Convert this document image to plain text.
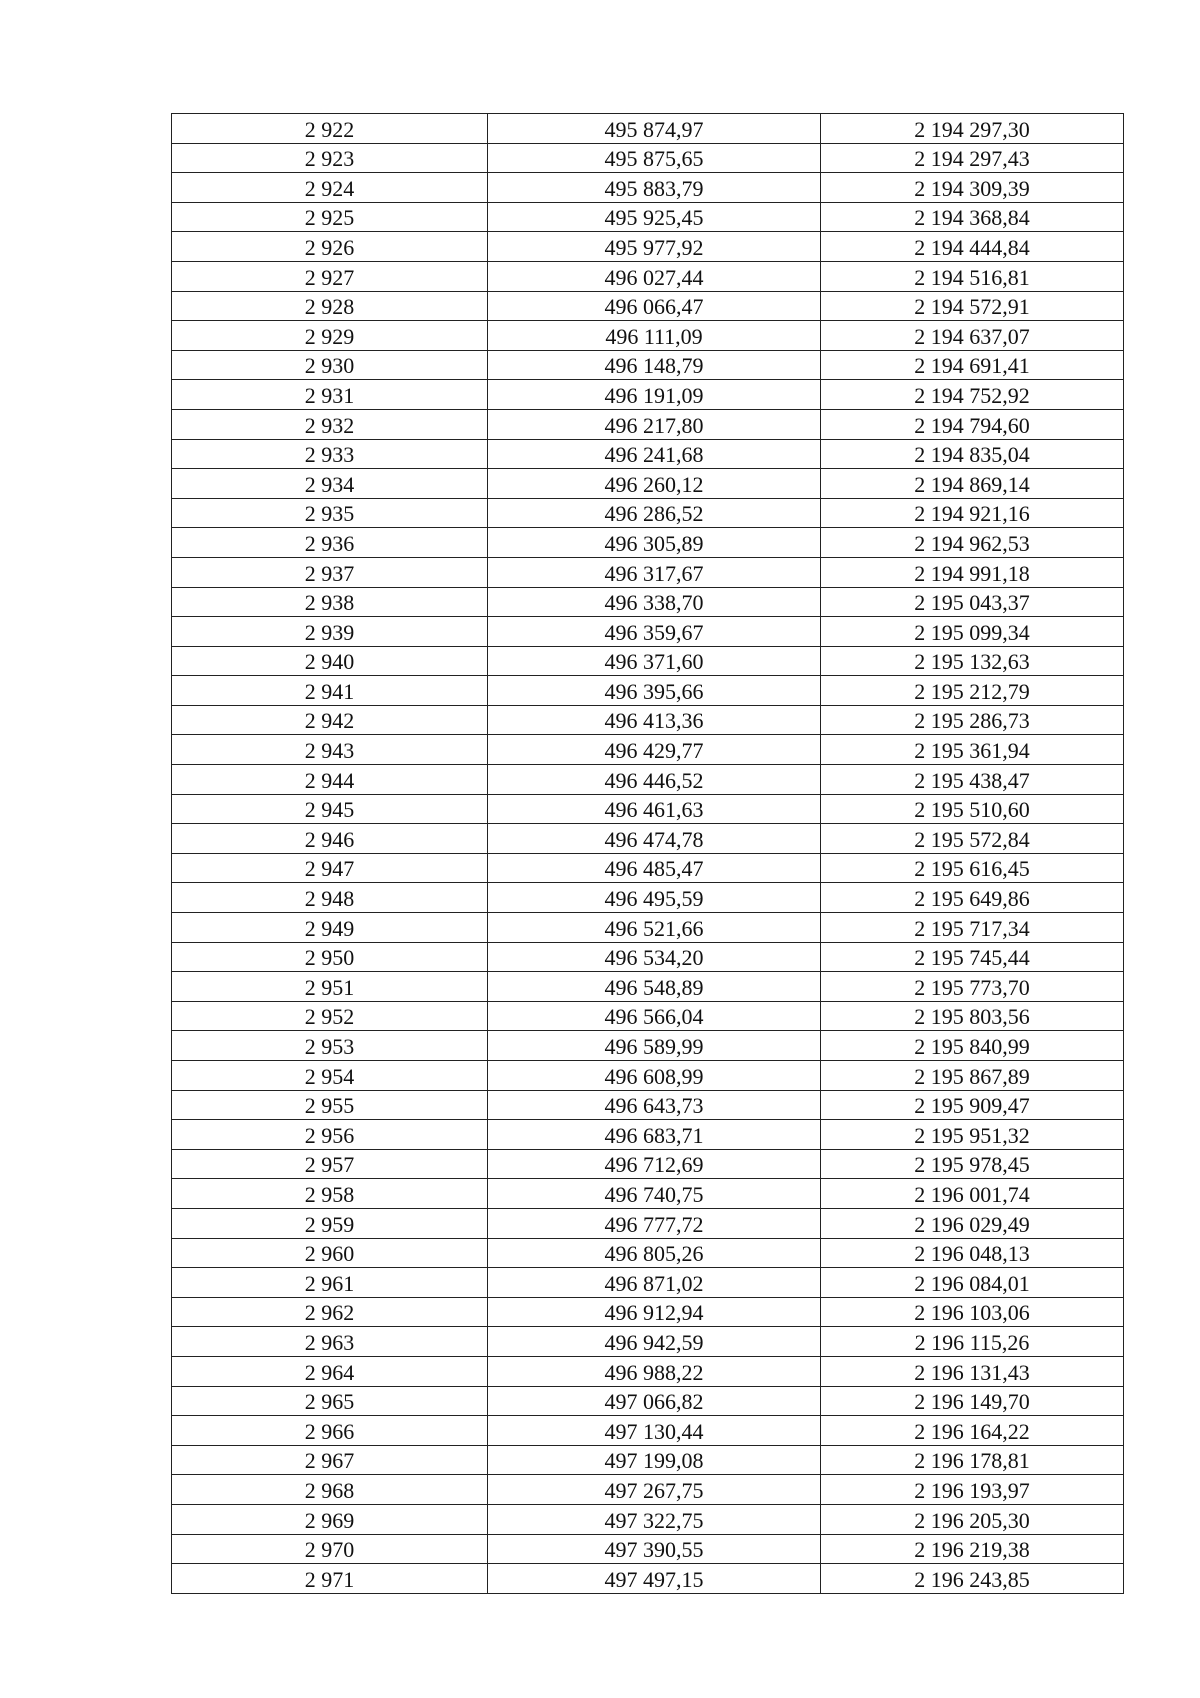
2 922	495 874,97	2 194 297,30
2 923	495 875,65	2 194 297,43
2 924	495 883,79	2 194 309,39
2 925	495 925,45	2 194 368,84
2 926	495 977,92	2 194 444,84
2 927	496 027,44	2 194 516,81
2 928	496 066,47	2 194 572,91
2 929	496 111,09	2 194 637,07
2 930	496 148,79	2 194 691,41
2 931	496 191,09	2 194 752,92
2 932	496 217,80	2 194 794,60
2 933	496 241,68	2 194 835,04
2 934	496 260,12	2 194 869,14
2 935	496 286,52	2 194 921,16
2 936	496 305,89	2 194 962,53
2 937	496 317,67	2 194 991,18
2 938	496 338,70	2 195 043,37
2 939	496 359,67	2 195 099,34
2 940	496 371,60	2 195 132,63
2 941	496 395,66	2 195 212,79
2 942	496 413,36	2 195 286,73
2 943	496 429,77	2 195 361,94
2 944	496 446,52	2 195 438,47
2 945	496 461,63	2 195 510,60
2 946	496 474,78	2 195 572,84
2 947	496 485,47	2 195 616,45
2 948	496 495,59	2 195 649,86
2 949	496 521,66	2 195 717,34
2 950	496 534,20	2 195 745,44
2 951	496 548,89	2 195 773,70
2 952	496 566,04	2 195 803,56
2 953	496 589,99	2 195 840,99
2 954	496 608,99	2 195 867,89
2 955	496 643,73	2 195 909,47
2 956	496 683,71	2 195 951,32
2 957	496 712,69	2 195 978,45
2 958	496 740,75	2 196 001,74
2 959	496 777,72	2 196 029,49
2 960	496 805,26	2 196 048,13
2 961	496 871,02	2 196 084,01
2 962	496 912,94	2 196 103,06
2 963	496 942,59	2 196 115,26
2 964	496 988,22	2 196 131,43
2 965	497 066,82	2 196 149,70
2 966	497 130,44	2 196 164,22
2 967	497 199,08	2 196 178,81
2 968	497 267,75	2 196 193,97
2 969	497 322,75	2 196 205,30
2 970	497 390,55	2 196 219,38
2 971	497 497,15	2 196 243,85
